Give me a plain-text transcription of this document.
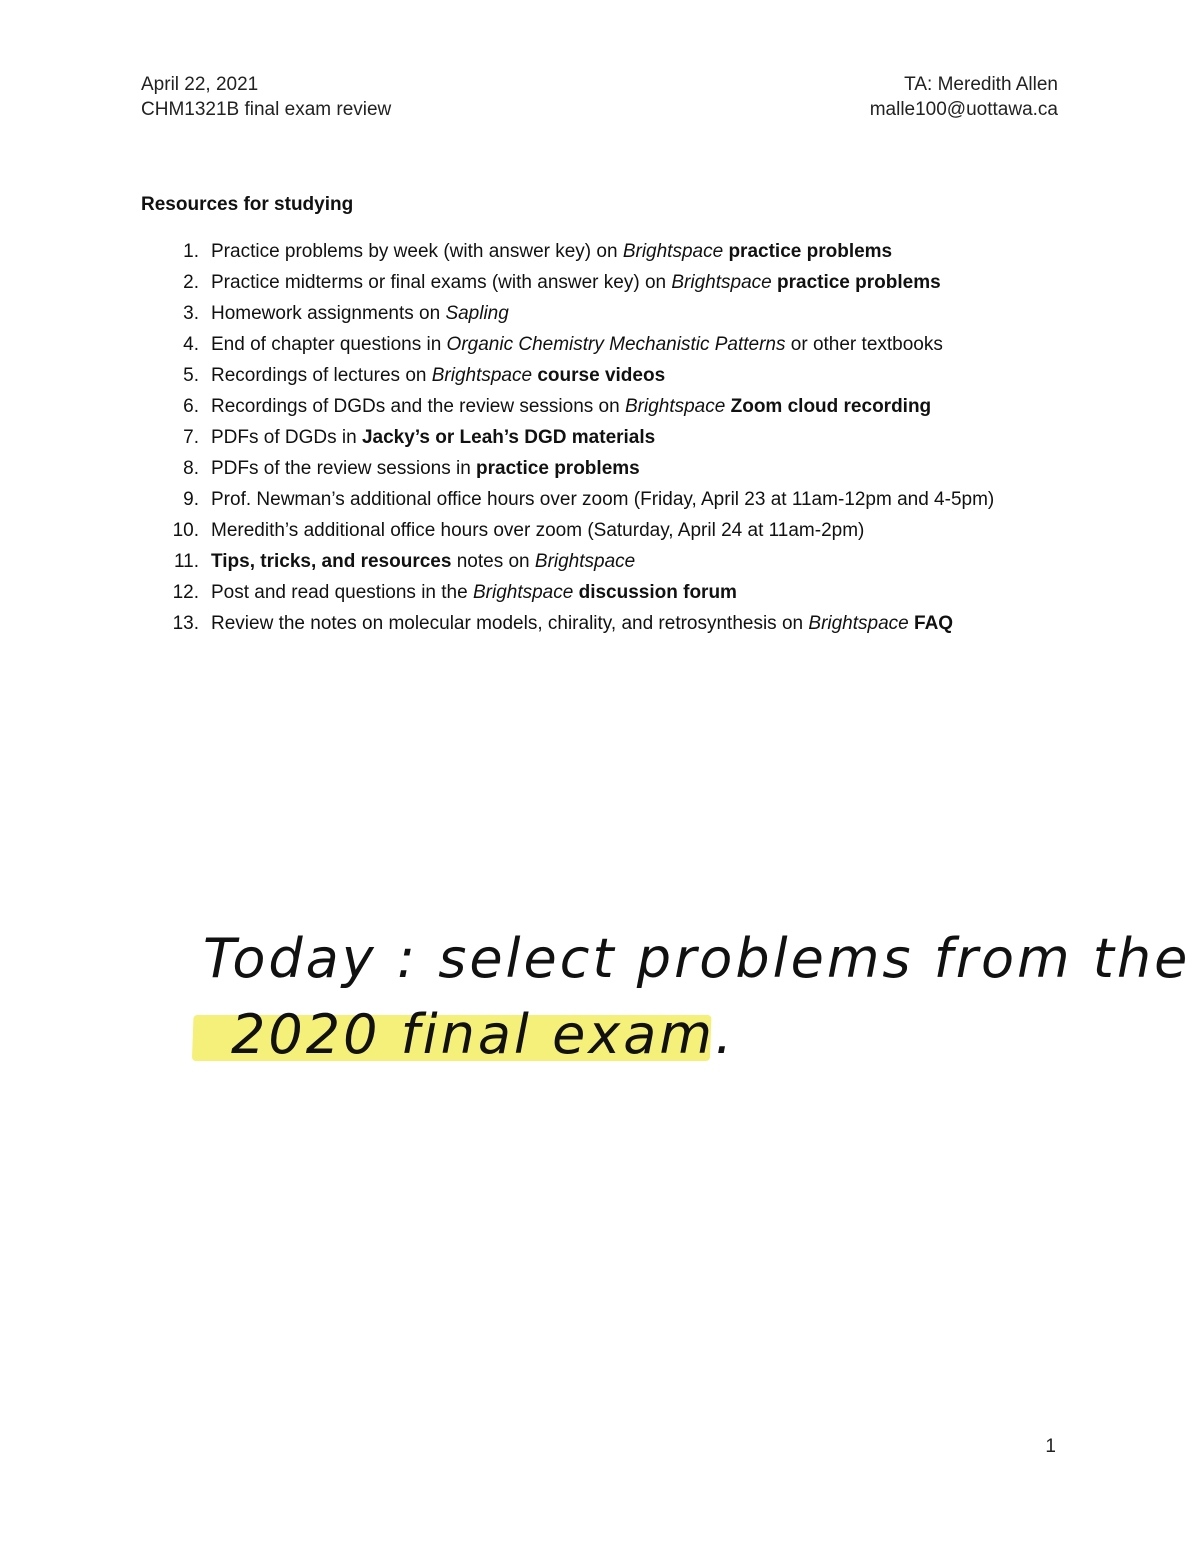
April 22, 2021
CHM1321B final exam review
TA: Meredith Allen
malle100@uottawa.ca
Resources for studying
1. Practice problems by week (with answer key) on Brightspace practice problems
2. Practice midterms or final exams (with answer key) on Brightspace practice problems
3. Homework assignments on Sapling
4. End of chapter questions in Organic Chemistry Mechanistic Patterns or other textbooks
5. Recordings of lectures on Brightspace course videos
6. Recordings of DGDs and the review sessions on Brightspace Zoom cloud recording
7. PDFs of DGDs in Jacky’s or Leah’s DGD materials
8. PDFs of the review sessions in practice problems
9. Prof. Newman’s additional office hours over zoom (Friday, April 23 at 11am-12pm and 4-5pm)
10. Meredith’s additional office hours over zoom (Saturday, April 24 at 11am-2pm)
11. Tips, tricks, and resources notes on Brightspace
12. Post and read questions in the Brightspace discussion forum
13. Review the notes on molecular models, chirality, and retrosynthesis on Brightspace FAQ
Today : select problems from the
2020 final exam.
1
